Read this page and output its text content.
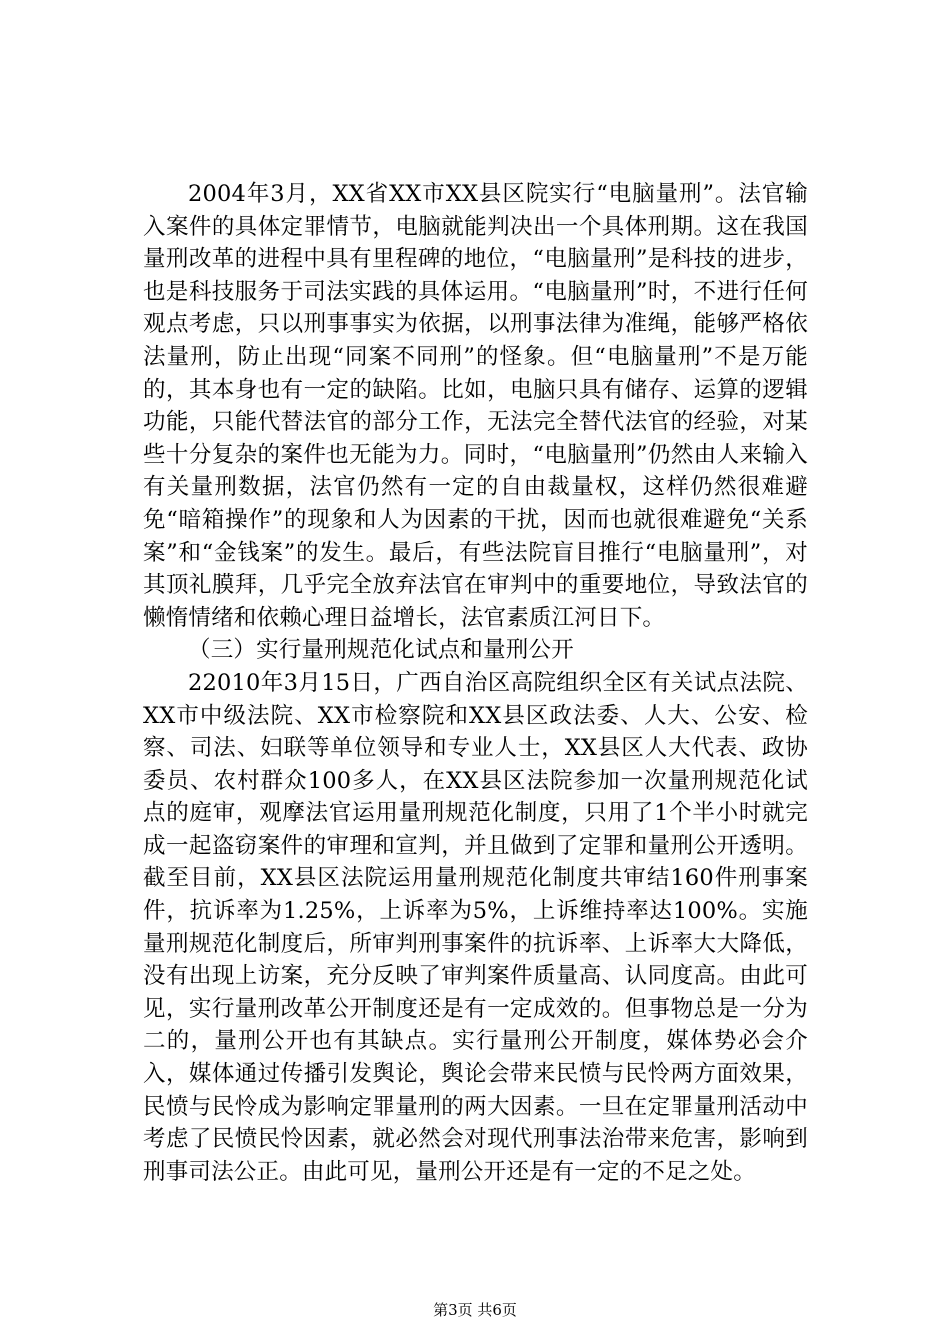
2004年3月，XX省XX市XX县区院实行“电脑量刑”。法官输入案件的具体定罪情节，电脑就能判决出一个具体刑期。这在我国量刑改革的进程中具有里程碑的地位，“电脑量刑”是科技的进步，也是科技服务于司法实践的具体运用。“电脑量刑”时，不进行任何观点考虑，只以刑事事实为依据，以刑事法律为准绳，能够严格依法量刑，防止出现“同案不同刑”的怪象。但“电脑量刑”不是万能的，其本身也有一定的缺陷。比如，电脑只具有储存、运算的逻辑功能，只能代替法官的部分工作，无法完全替代法官的经验，对某些十分复杂的案件也无能为力。同时，“电脑量刑”仍然由人来输入有关量刑数据，法官仍然有一定的自由裁量权，这样仍然很难避免“暗箱操作”的现象和人为因素的干扰，因而也就很难避免“关系案”和“金钱案”的发生。最后，有些法院盲目推行“电脑量刑”，对其顶礼膜拜，几乎完全放弃法官在审判中的重要地位，导致法官的懒惰情绪和依赖心理日益增长，法官素质江河日下。

（三）实行量刑规范化试点和量刑公开

22010年3月15日，广西自治区高院组织全区有关试点法院、XX市中级法院、XX市检察院和XX县区政法委、人大、公安、检察、司法、妇联等单位领导和专业人士，XX县区人大代表、政协委员、农村群众100多人，在XX县区法院参加一次量刑规范化试点的庭审，观摩法官运用量刑规范化制度，只用了1个半小时就完成一起盗窃案件的审理和宣判，并且做到了定罪和量刑公开透明。截至目前，XX县区法院运用量刑规范化制度共审结160件刑事案件，抗诉率为1.25%，上诉率为5%，上诉维持率达100%。实施量刑规范化制度后，所审判刑事案件的抗诉率、上诉率大大降低，没有出现上访案，充分反映了审判案件质量高、认同度高。由此可见，实行量刑改革公开制度还是有一定成效的。但事物总是一分为二的，量刑公开也有其缺点。实行量刑公开制度，媒体势必会介入，媒体通过传播引发舆论，舆论会带来民愤与民怜两方面效果，民愤与民怜成为影响定罪量刑的两大因素。一旦在定罪量刑活动中考虑了民愤民怜因素，就必然会对现代刑事法治带来危害，影响到刑事司法公正。由此可见，量刑公开还是有一定的不足之处。

第3页 共6页
